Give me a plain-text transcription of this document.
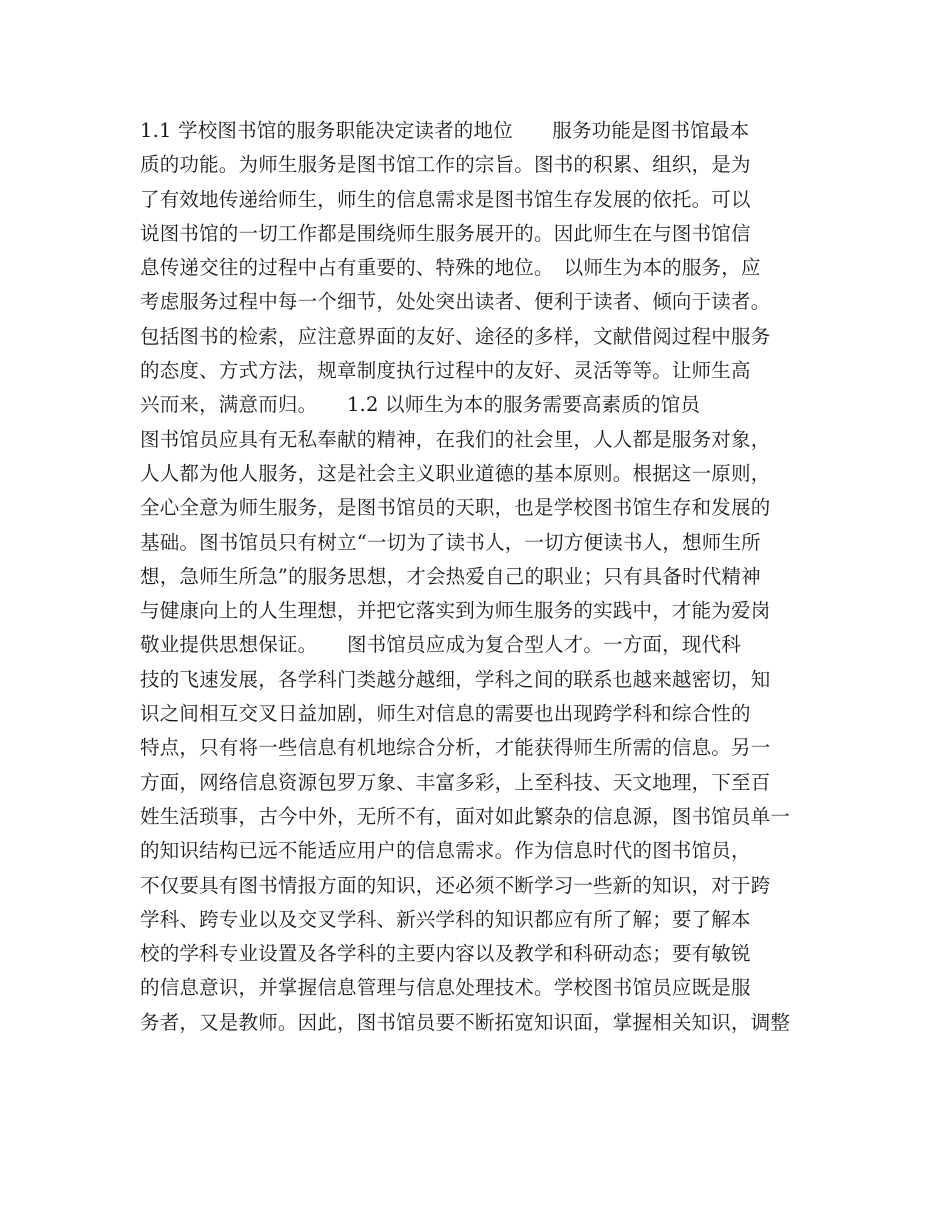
1.1 学校图书馆的服务职能决定读者的地位　　服务功能是图书馆最本
质的功能。为师生服务是图书馆工作的宗旨。图书的积累、组织，是为
了有效地传递给师生，师生的信息需求是图书馆生存发展的依托。可以
说图书馆的一切工作都是围绕师生服务展开的。因此师生在与图书馆信
息传递交往的过程中占有重要的、特殊的地位。　以师生为本的服务，应
考虑服务过程中每一个细节，处处突出读者、便利于读者、倾向于读者。
包括图书的检索，应注意界面的友好、途径的多样，文献借阅过程中服务
的态度、方式方法，规章制度执行过程中的友好、灵活等等。让师生高
兴而来，满意而归。　　1.2 以师生为本的服务需要高素质的馆员
图书馆员应具有无私奉献的精神，在我们的社会里，人人都是服务对象，
人人都为他人服务，这是社会主义职业道德的基本原则。根据这一原则，
全心全意为师生服务，是图书馆员的天职，也是学校图书馆生存和发展的
基础。图书馆员只有树立“一切为了读书人，一切方便读书人，想师生所
想，急师生所急”的服务思想，才会热爱自己的职业；只有具备时代精神
与健康向上的人生理想，并把它落实到为师生服务的实践中，才能为爱岗
敬业提供思想保证。　　图书馆员应成为复合型人才。一方面，现代科
技的飞速发展，各学科门类越分越细，学科之间的联系也越来越密切，知
识之间相互交叉日益加剧，师生对信息的需要也出现跨学科和综合性的
特点，只有将一些信息有机地综合分析，才能获得师生所需的信息。另一
方面，网络信息资源包罗万象、丰富多彩，上至科技、天文地理，下至百
姓生活琐事，古今中外，无所不有，面对如此繁杂的信息源，图书馆员单一
的知识结构已远不能适应用户的信息需求。作为信息时代的图书馆员，
不仅要具有图书情报方面的知识，还必须不断学习一些新的知识，对于跨
学科、跨专业以及交叉学科、新兴学科的知识都应有所了解；要了解本
校的学科专业设置及各学科的主要内容以及教学和科研动态；要有敏锐
的信息意识，并掌握信息管理与信息处理技术。学校图书馆员应既是服
务者，又是教师。因此，图书馆员要不断拓宽知识面，掌握相关知识，调整
